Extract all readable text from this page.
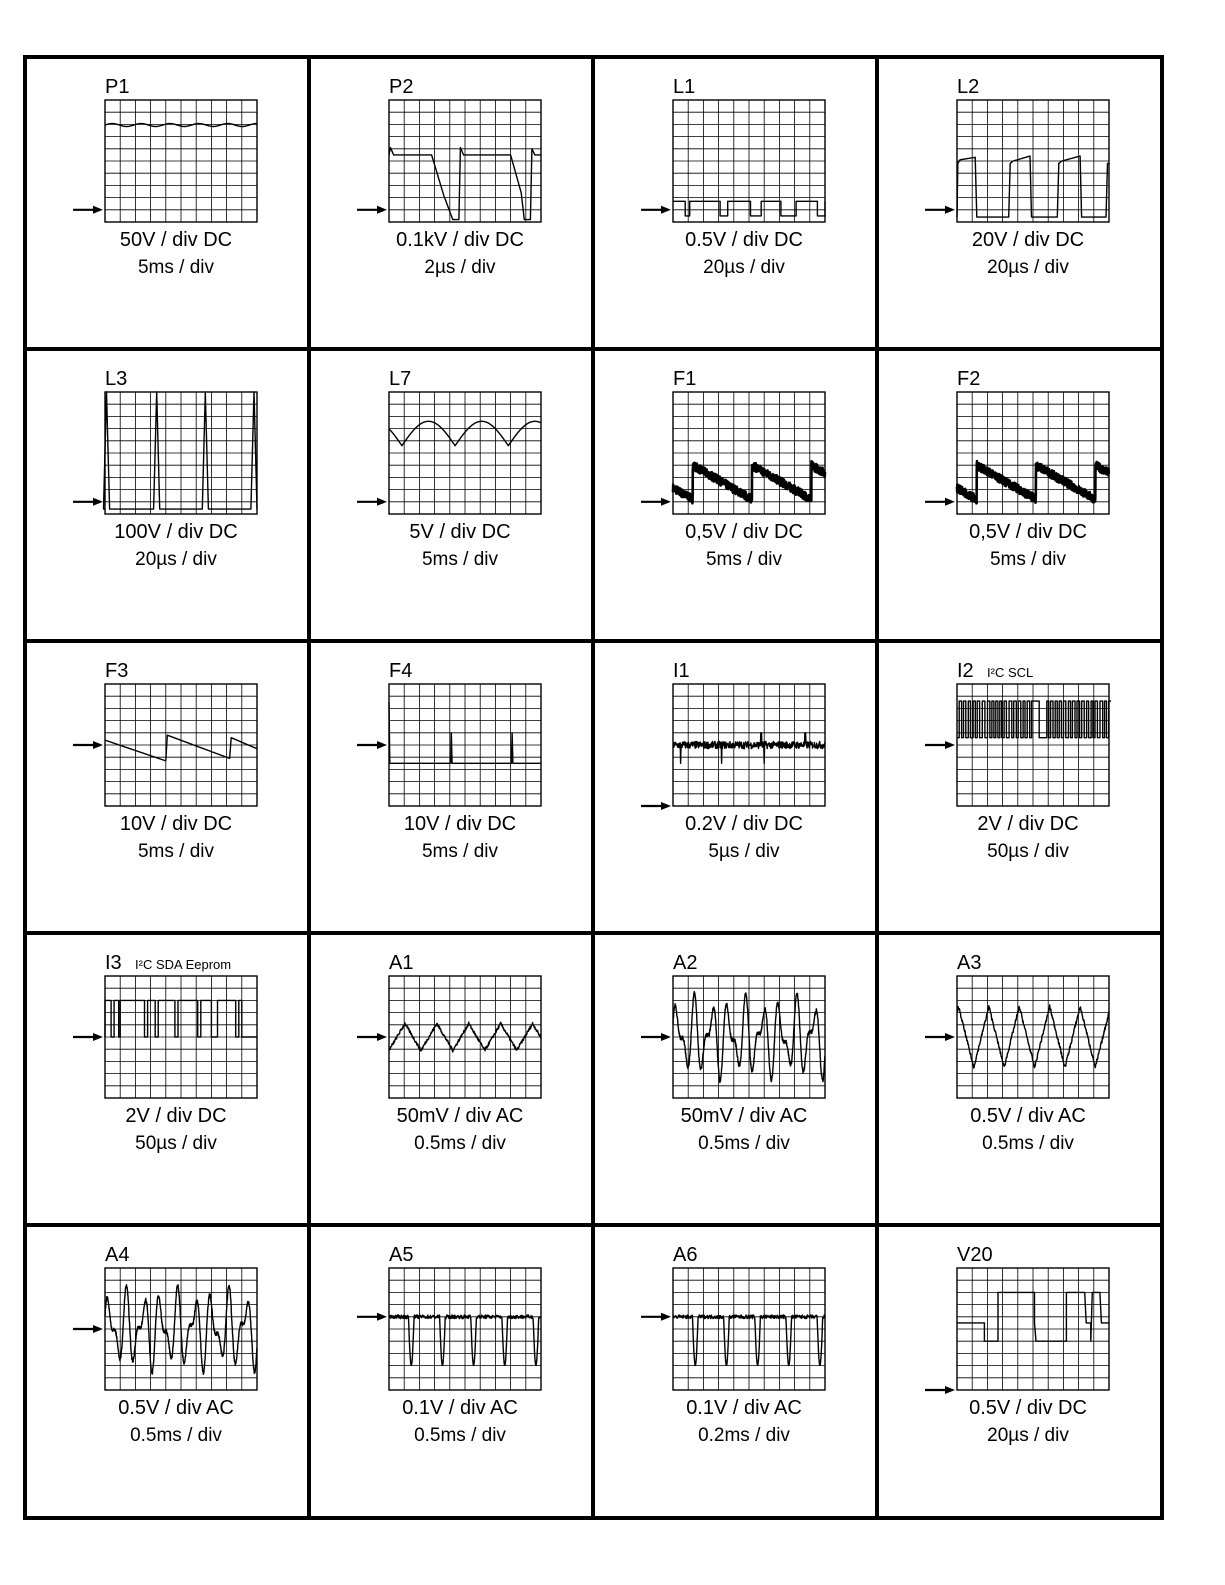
P1
50V / div DC
5ms / div
P2
0.1kV / div DC
2µs / div
L1
0.5V / div DC
20µs / div
L2
20V / div DC
20µs / div
L3
100V / div DC
20µs / div
L7
5V / div DC
5ms / div
F1
0,5V / div DC
5ms / div
F2
0,5V / div DC
5ms / div
F3
10V / div DC
5ms / div
F4
10V / div DC
5ms / div
I1
0.2V / div DC
5µs / div
I2 I²C SCL
2V / div DC
50µs / div
I3 I²C SDA Eeprom
2V / div DC
50µs / div
A1
50mV / div AC
0.5ms / div
A2
50mV / div AC
0.5ms / div
A3
0.5V / div AC
0.5ms / div
A4
0.5V / div AC
0.5ms / div
A5
0.1V / div AC
0.5ms / div
A6
0.1V / div AC
0.2ms / div
V20
0.5V / div DC
20µs / div
